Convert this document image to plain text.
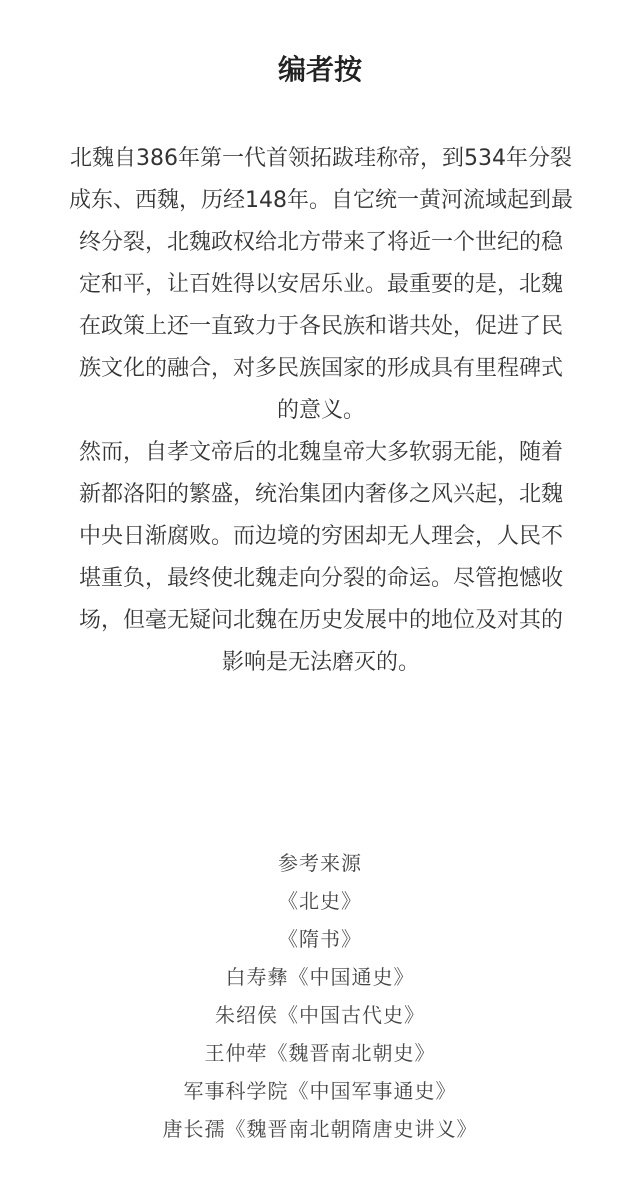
编者按

北魏自386年第一代首领拓跋珪称帝，到534年分裂
成东、西魏，历经148年。自它统一黄河流域起到最
终分裂，北魏政权给北方带来了将近一个世纪的稳
定和平，让百姓得以安居乐业。最重要的是，北魏
在政策上还一直致力于各民族和谐共处，促进了民
族文化的融合，对多民族国家的形成具有里程碑式
的意义。

然而，自孝文帝后的北魏皇帝大多软弱无能，随着
新都洛阳的繁盛，统治集团内奢侈之风兴起，北魏
中央日渐腐败。而边境的穷困却无人理会，人民不
堪重负，最终使北魏走向分裂的命运。尽管抱憾收
场，但毫无疑问北魏在历史发展中的地位及对其的
影响是无法磨灭的。

参考来源
《北史》
《隋书》
白寿彝《中国通史》
朱绍侯《中国古代史》
王仲荦《魏晋南北朝史》
军事科学院《中国军事通史》
唐长孺《魏晋南北朝隋唐史讲义》
